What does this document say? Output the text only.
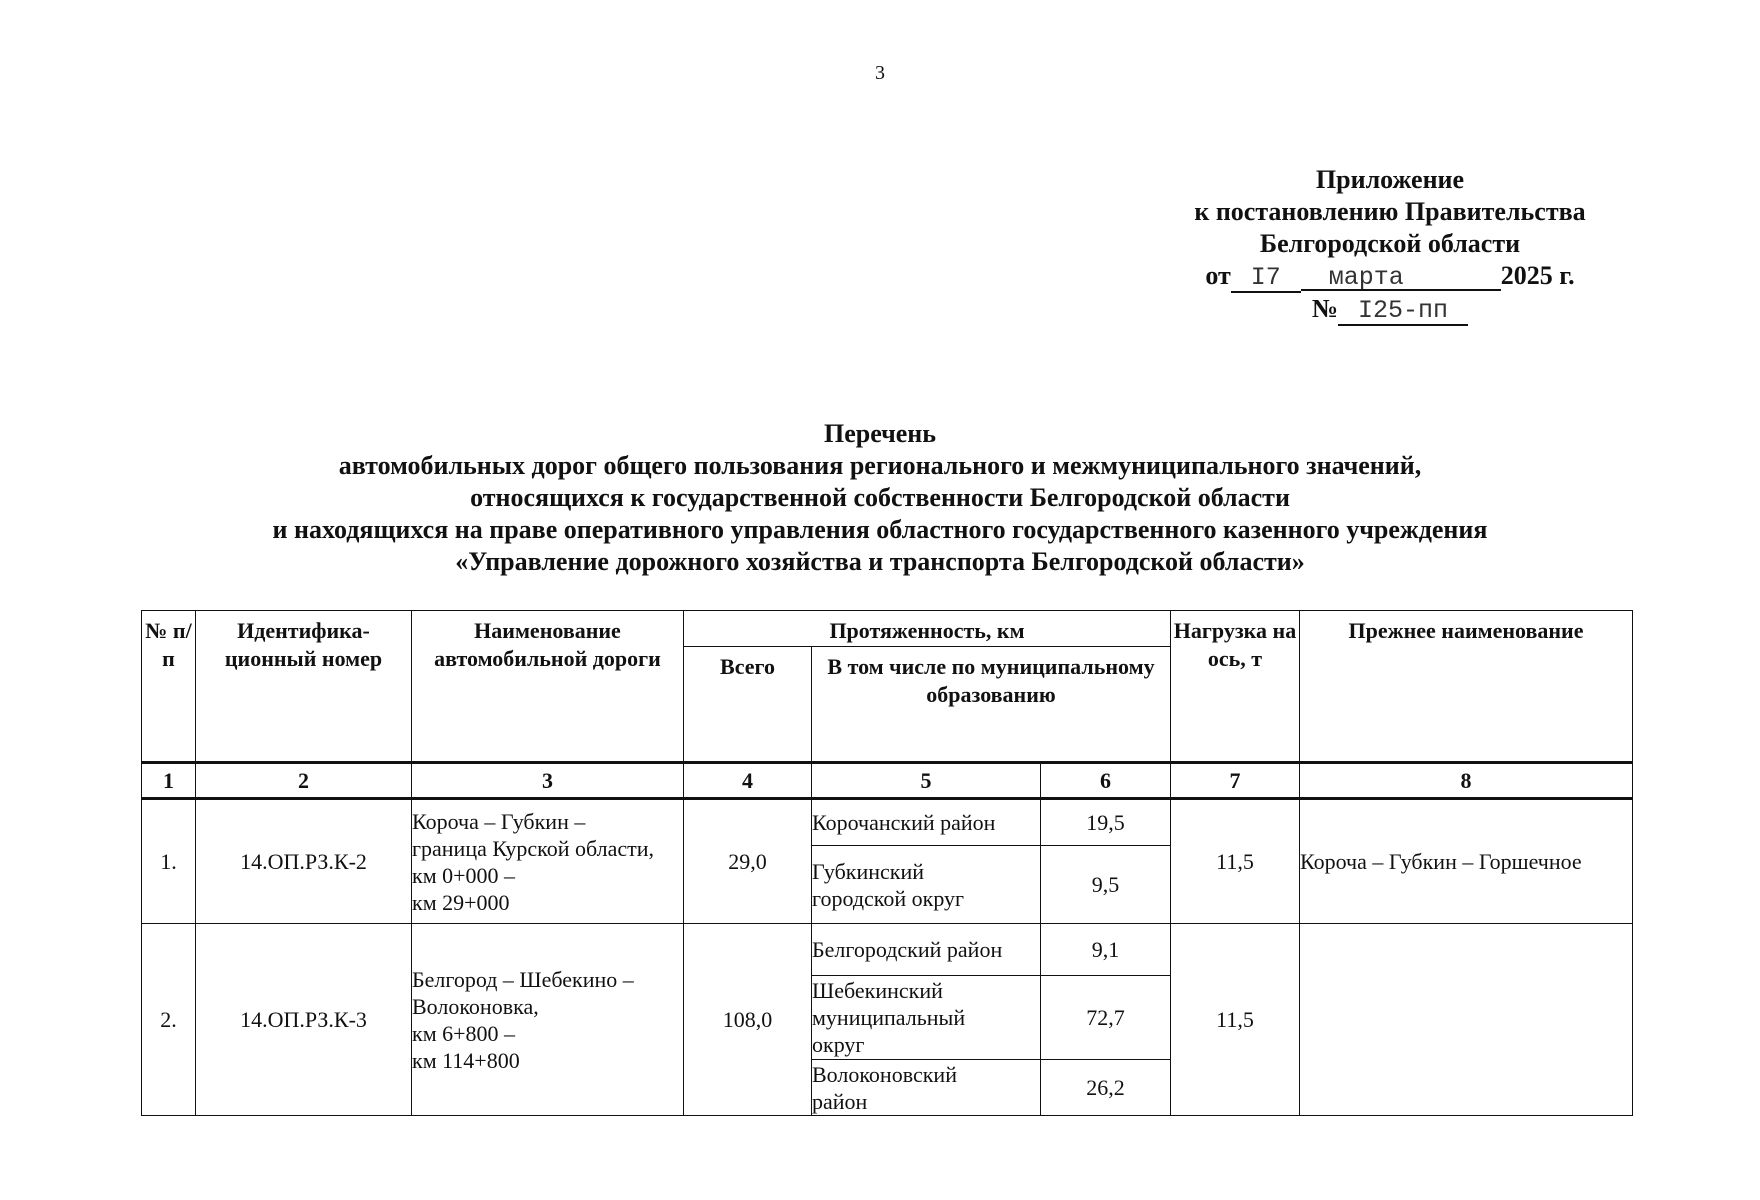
3
Приложение
к постановлению Правительства
Белгородской области
от I7 марта	2025 г.
№ I25-пп
Перечень
автомобильных дорог общего пользования регионального и межмуниципального значений,
относящихся к государственной собственности Белгородской области
и находящихся на праве оперативного управления областного государственного казенного учреждения
«Управление дорожного хозяйства и транспорта Белгородской области»
№ п/п	Идентифика-ционный номер	Наименование автомобильной дороги	Протяженность, км			Нагрузка на ось, т	Прежнее наименование
			Всего	В том числе по муниципальному образованию			
1	2	3	4	5	6	7	8
1.	14.ОП.РЗ.К-2	Короча – Губкин –
граница Курской области,
км 0+000 –
км 29+000	29,0	Корочанский район	19,5	11,5	Короча – Губкин – Горшечное

				Губкинский
городской округ	9,5		
2.	14.ОП.РЗ.К-3	Белгород – Шебекино –
Волоконовка,
км 6+800 –
км 114+800	108,0	Белгородский район	9,1	11,5	

				Шебекинский
муниципальный
округ	72,7		

				Волоконовский
район	26,2		
